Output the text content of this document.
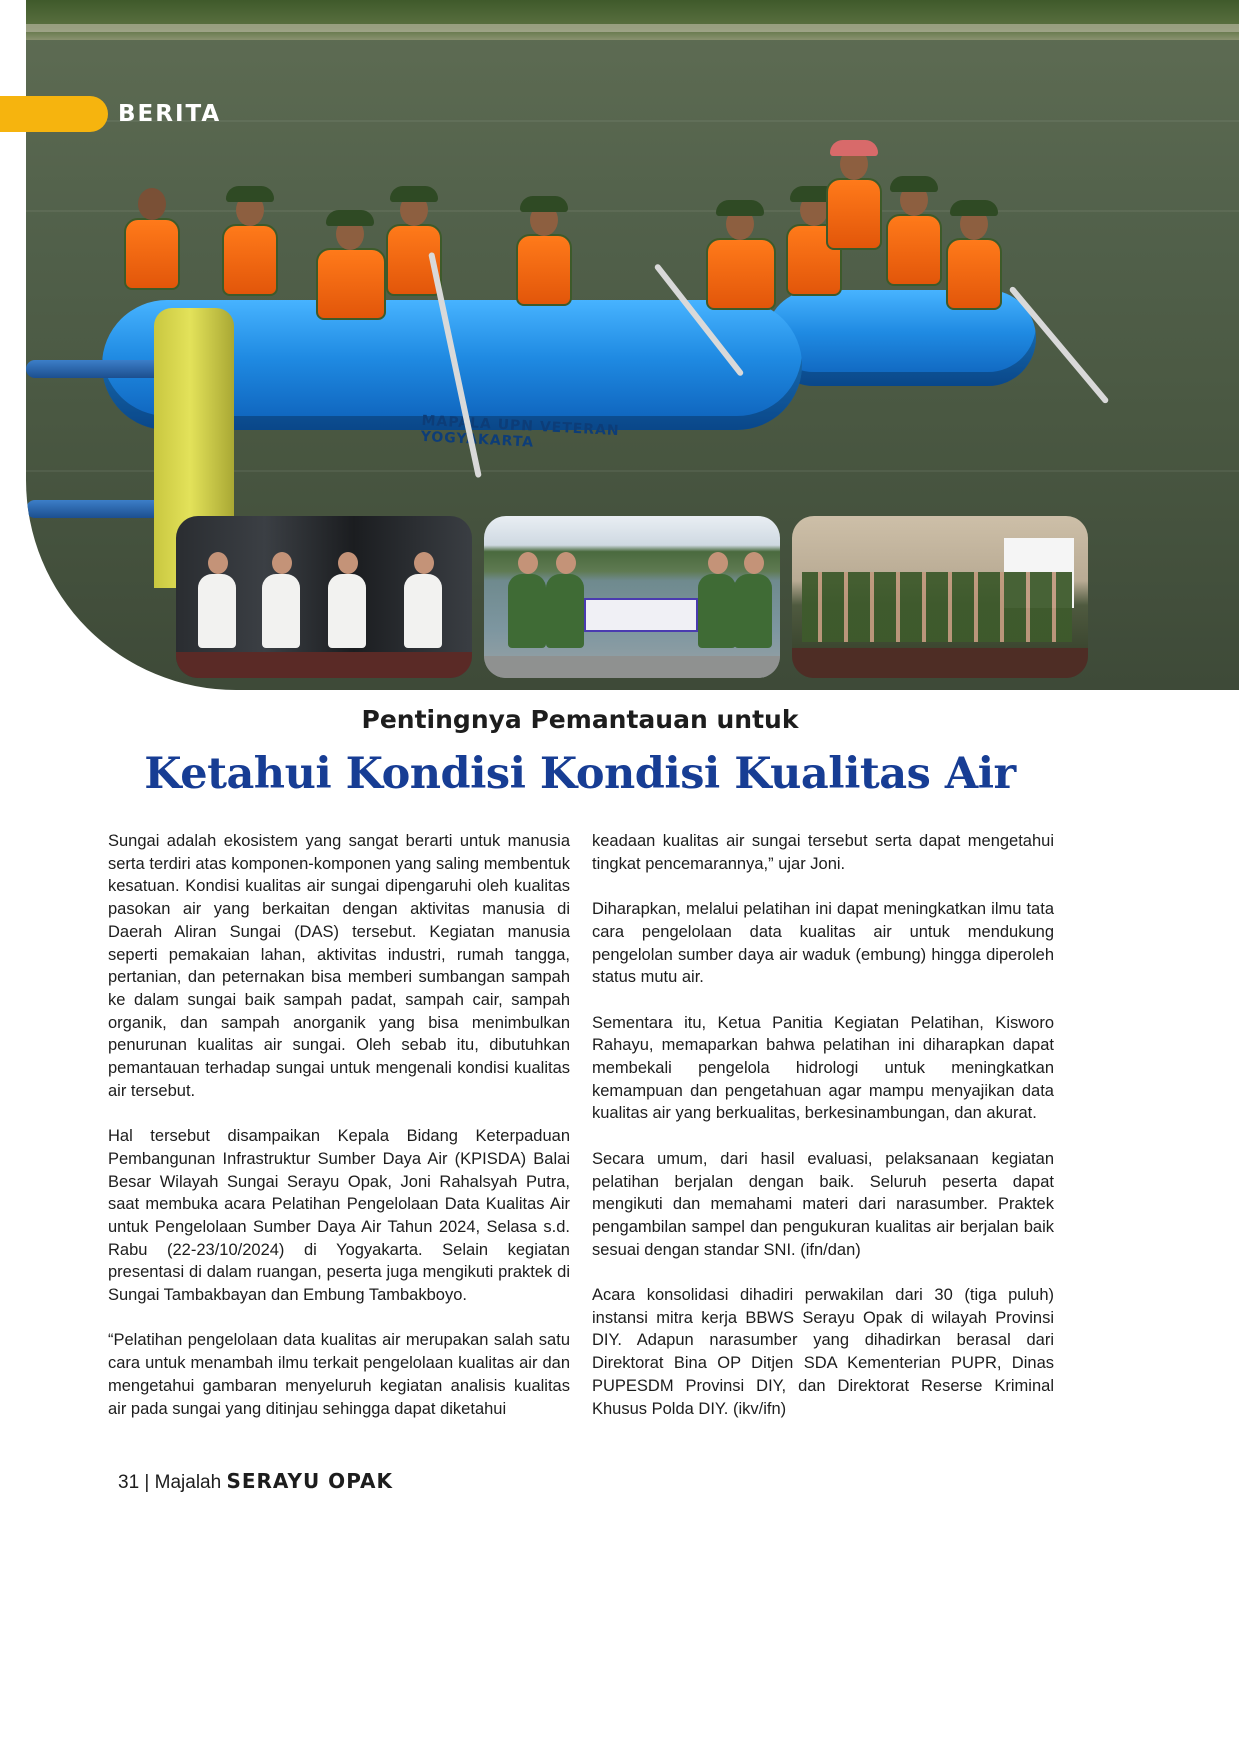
MAPALA UPN VETERAN
YOGYAKARTA
BERITA
Pentingnya Pemantauan untuk
Ketahui Kondisi Kondisi Kualitas Air

Sungai adalah ekosistem yang sangat berarti untuk manusia serta terdiri atas komponen-komponen yang saling membentuk kesatuan. Kondisi kualitas air sungai dipengaruhi oleh kualitas pasokan air yang berkaitan dengan aktivitas manusia di Daerah Aliran Sungai (DAS) tersebut. Kegiatan manusia seperti pemakaian lahan, aktivitas industri, rumah tangga, pertanian, dan peternakan bisa memberi sumbangan sampah ke dalam sungai baik sampah padat, sampah cair, sampah organik, dan sampah anorganik yang bisa menimbulkan penurunan kualitas air sungai. Oleh sebab itu, dibutuhkan pemantauan terhadap sungai untuk mengenali kondisi kualitas air tersebut.

Hal tersebut disampaikan Kepala Bidang Keterpaduan Pembangunan Infrastruktur Sumber Daya Air (KPISDA) Balai Besar Wilayah Sungai Serayu Opak, Joni Rahalsyah Putra, saat membuka acara Pelatihan Pengelolaan Data Kualitas Air untuk Pengelolaan Sumber Daya Air Tahun 2024, Selasa s.d. Rabu (22-23/10/2024) di Yogyakarta. Selain kegiatan presentasi di dalam ruangan, peserta juga mengikuti praktek di Sungai Tambakbayan dan Embung Tambakboyo.

“Pelatihan pengelolaan data kualitas air merupakan salah satu cara untuk menambah ilmu terkait pengelolaan kualitas air dan mengetahui gambaran menyeluruh kegiatan analisis kualitas air pada sungai yang ditinjau sehingga dapat diketahui

keadaan kualitas air sungai tersebut serta dapat mengetahui tingkat pencemarannya,” ujar Joni.

Diharapkan, melalui pelatihan ini dapat meningkatkan ilmu tata cara pengelolaan data kualitas air untuk mendukung pengelolan sumber daya air waduk (embung) hingga diperoleh status mutu air.

Sementara itu, Ketua Panitia Kegiatan Pelatihan, Kisworo Rahayu, memaparkan bahwa pelatihan ini diharapkan dapat membekali pengelola hidrologi untuk meningkatkan kemampuan dan pengetahuan agar mampu menyajikan data kualitas air yang berkualitas, berkesinambungan, dan akurat.

Secara umum, dari hasil evaluasi, pelaksanaan kegiatan pelatihan berjalan dengan baik. Seluruh peserta dapat mengikuti dan memahami materi dari narasumber. Praktek pengambilan sampel dan pengukuran kualitas air berjalan baik sesuai dengan standar SNI. (ifn/dan)

Acara konsolidasi dihadiri perwakilan dari 30 (tiga puluh) instansi mitra kerja BBWS Serayu Opak di wilayah Provinsi DIY. Adapun narasumber yang dihadirkan berasal dari Direktorat Bina OP Ditjen SDA Kementerian PUPR, Dinas PUPESDM Provinsi DIY, dan Direktorat Reserse Kriminal Khusus Polda DIY. (ikv/ifn)

31 | Majalah SERAYU OPAK
